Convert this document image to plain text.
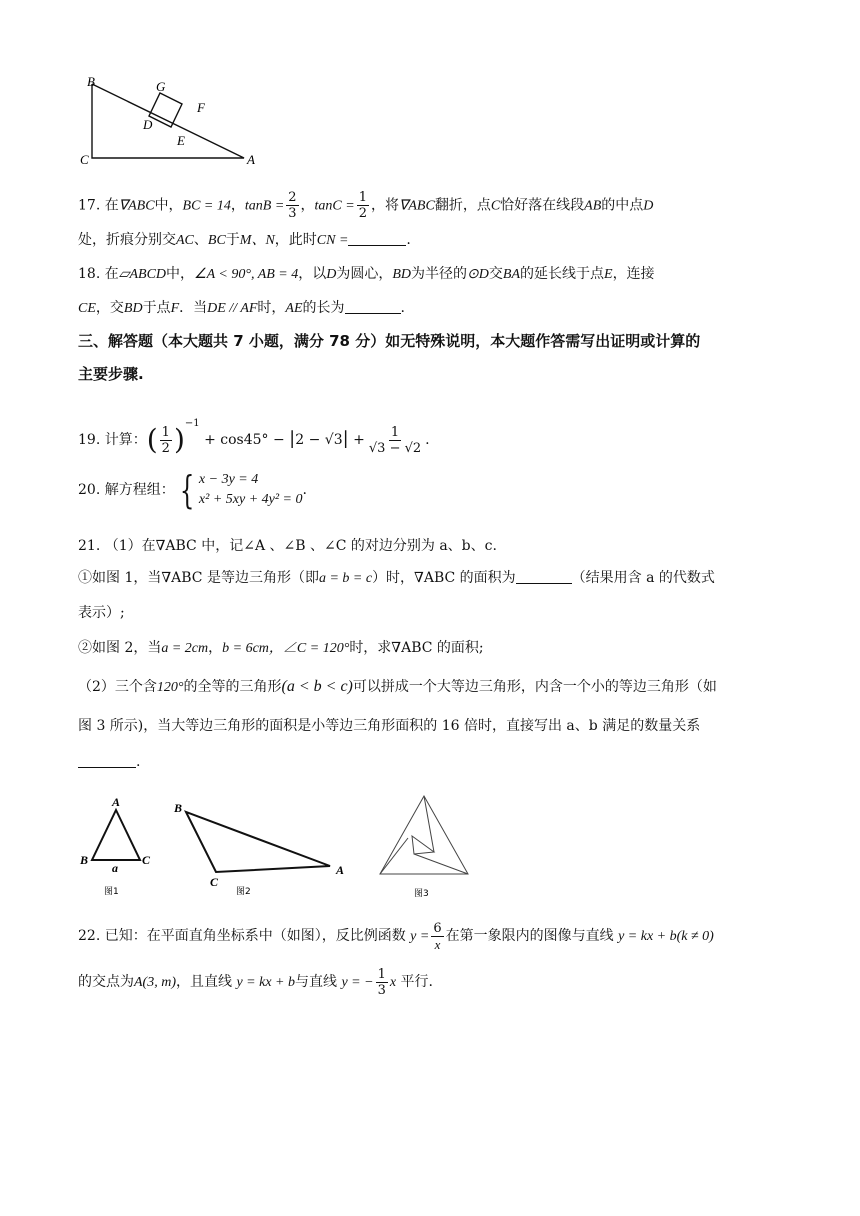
B	G
F
D
E
C	A
17. 在∇ABC中，BC = 14，$\tan B = \frac{2}{3}$ ，$\tan C = \frac{1}{2}$ ，将∇ABC翻折，点C恰好落在线段AB的中点D
处，折痕分别交AC、BC于M、N，此时CN =	.
18. 在▱ABCD中，∠A < 90°, AB = 4，以D为圆心，BD为半径的⊙D交BA的延长线于点E，连接
CE，交BD于点F．当DE // AF时，AE的长为	.
三、解答题（本大题共 7 小题，满分 78 分）如无特殊说明，本大题作答需写出证明或计算的
主要步骤.
19. 计算：( $\frac{1}{2} )^{-1} + \cos 45^\circ - |2 - √3| + \frac{1}{√3 - √2}$ .
20. 解方程组： { x − 3y = 4
x² + 5xy + 4y² = 0
.
21. （1）在∇ABC 中，记∠A 、∠B 、∠C 的对边分别为 a、b、c.
①如图 1，当∇ABC 是等边三角形（即a = b = c）时，∇ABC 的面积为	（结果用含 a 的代数式
表示）;
②如图 2，当a = 2cm，b = 6cm，∠C = 120°时，求∇ABC 的面积;
（2）三个含120°的全等的三角形(a < b < c)可以拼成一个大等边三角形，内含一个小的等边三角形（如
图 3 所示)，当大等边三角形的面积是小等边三角形面积的 16 倍时，直接写出 a、b 满足的数量关系
.
A
B	C
a
图1
B
C
A
图2	图3
22. 已知：在平面直角坐标系中（如图），反比例函数 $y = \frac{6}{x}$ 在第一象限内的图像与直线 y = kx + b(k ≠ 0)
的交点为A(3, m)，且直线 y = kx + b与直线 y = − $\frac{1}{3}$ x 平行.
